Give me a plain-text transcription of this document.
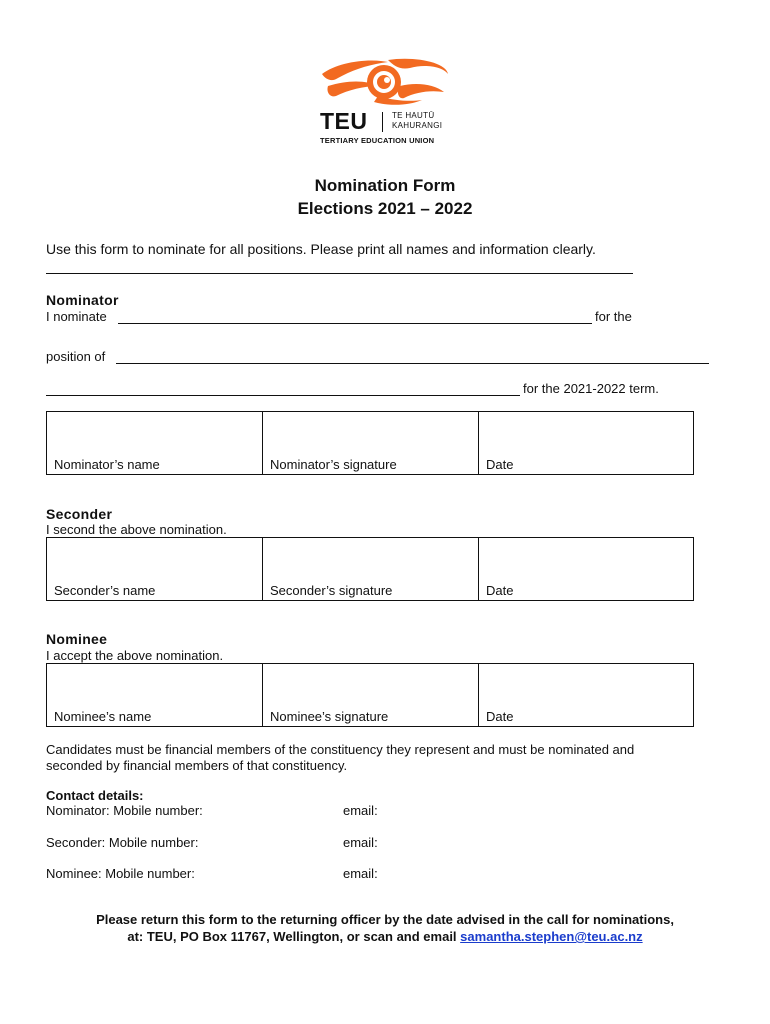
TEU	TE HAUTŪ
KAHURANGI
TERTIARY EDUCATION UNION
Nomination Form
Elections 2021 – 2022
Use this form to nominate for all positions. Please print all names and information clearly.
Nominator
I nominate	for the
position of
for the 2021-2022 term.
Nominator’s name	Nominator’s signature	Date
Seconder
I second the above nomination.
Seconder’s name	Seconder’s signature	Date
Nominee
I accept the above nomination.
Nominee’s name	Nominee’s signature	Date
Candidates must be financial members of the constituency they represent and must be nominated and
seconded by financial members of that constituency.
Contact details:
Nominator: Mobile number:	email:
Seconder: Mobile number:	email:
Nominee: Mobile number:	email:
Please return this form to the returning officer by the date advised in the call for nominations,
at: TEU, PO Box 11767, Wellington, or scan and email samantha.stephen@teu.ac.nz
